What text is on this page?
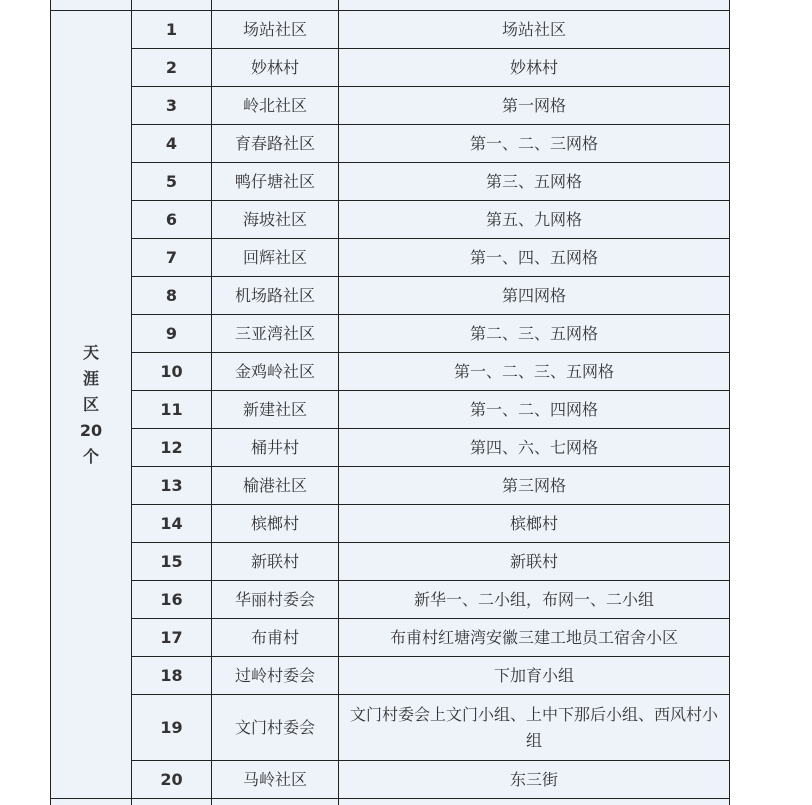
天
涯
区
20
个	1	场站社区	场站社区
	2	妙林村	妙林村
	3	岭北社区	第一网格
	4	育春路社区	第一、二、三网格
	5	鸭仔塘社区	第三、五网格
	6	海坡社区	第五、九网格
	7	回辉社区	第一、四、五网格
	8	机场路社区	第四网格
	9	三亚湾社区	第二、三、五网格
	10	金鸡岭社区	第一、二、三、五网格
	11	新建社区	第一、二、四网格
	12	桶井村	第四、六、七网格
	13	榆港社区	第三网格
	14	槟榔村	槟榔村
	15	新联村	新联村
	16	华丽村委会	新华一、二小组，布网一、二小组
	17	布甫村	布甫村红塘湾安徽三建工地员工宿舍小区
	18	过岭村委会	下加育小组
	19	文门村委会	文门村委会上文门小组、上中下那后小组、西风村小组
	20	马岭社区	东三街
